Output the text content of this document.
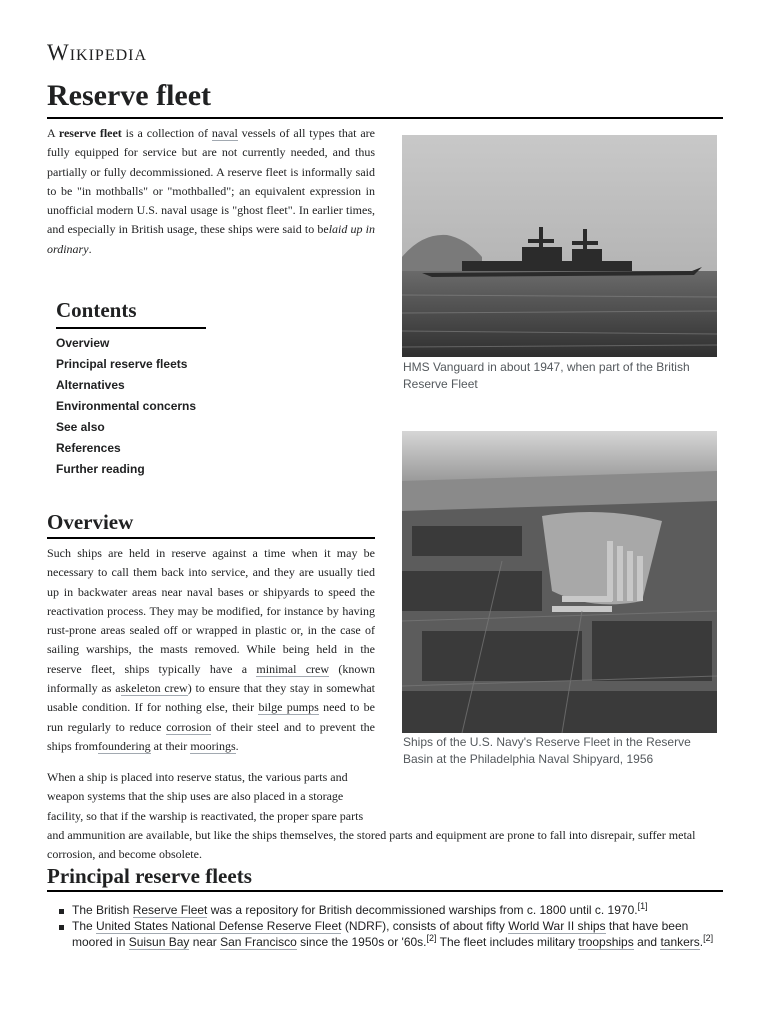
Wikipedia
Reserve fleet

A reserve fleet is a collection of naval vessels of all types that are fully equipped for service but are not currently needed, and thus partially or fully decommissioned. A reserve fleet is informally said to be "in mothballs" or "mothballed"; an equivalent expression in unofficial modern U.S. naval usage is "ghost fleet". In earlier times, and especially in British usage, these ships were said to belaid up in ordinary.

Contents
Overview
Principal reserve fleets
Alternatives
Environmental concerns
See also
References
Further reading
HMS Vanguard in about 1947, when part of the British Reserve Fleet
Ships of the U.S. Navy's Reserve Fleet in the Reserve Basin at the Philadelphia Naval Shipyard, 1956
Overview

Such ships are held in reserve against a time when it may be necessary to call them back into service, and they are usually tied up in backwater areas near naval bases or shipyards to speed the reactivation process. They may be modified, for instance by having rust-prone areas sealed off or wrapped in plastic or, in the case of sailing warships, the masts removed. While being held in the reserve fleet, ships typically have a minimal crew (known informally as askeleton crew) to ensure that they stay in somewhat usable condition. If for nothing else, their bilge pumps need to be run regularly to reduce corrosion of their steel and to prevent the ships fromfoundering at their moorings.

When a ship is placed into reserve status, the various parts and weapon systems that the ship uses are also placed in a storage facility, so that if the warship is reactivated, the proper spare parts and ammunition are available, but like the ships themselves, the stored parts and equipment are prone to fall into disrepair, suffer metal corrosion, and become obsolete.

Principal reserve fleets
The British Reserve Fleet was a repository for British decommissioned warships from c. 1800 until c. 1970.[1]
The United States National Defense Reserve Fleet (NDRF), consists of about fifty World War II ships that have been moored in Suisun Bay near San Francisco since the 1950s or '60s.[2] The fleet includes military troopships and tankers.[2]
